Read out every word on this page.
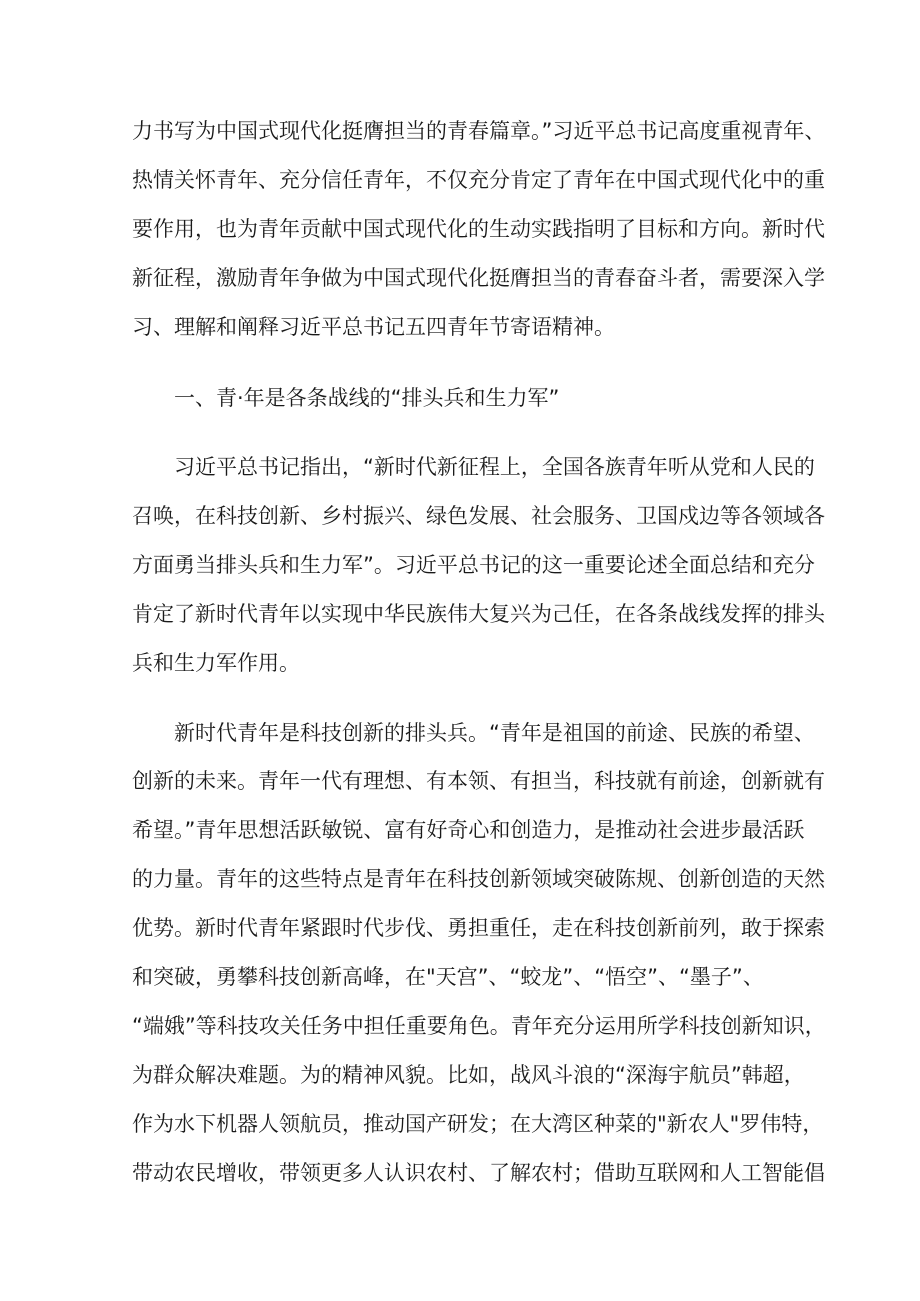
力书写为中国式现代化挺膺担当的青春篇章。”习近平总书记高度重视青年、

热情关怀青年、充分信任青年，不仅充分肯定了青年在中国式现代化中的重

要作用，也为青年贡献中国式现代化的生动实践指明了目标和方向。新时代

新征程，激励青年争做为中国式现代化挺膺担当的青春奋斗者，需要深入学

习、理解和阐释习近平总书记五四青年节寄语精神。

一、青·年是各条战线的“排头兵和生力军”

习近平总书记指出，“新时代新征程上，全国各族青年听从党和人民的

召唤，在科技创新、乡村振兴、绿色发展、社会服务、卫国戍边等各领域各

方面勇当排头兵和生力军”。习近平总书记的这一重要论述全面总结和充分

肯定了新时代青年以实现中华民族伟大复兴为己任，在各条战线发挥的排头

兵和生力军作用。

新时代青年是科技创新的排头兵。“青年是祖国的前途、民族的希望、

创新的未来。青年一代有理想、有本领、有担当，科技就有前途，创新就有

希望。”青年思想活跃敏锐、富有好奇心和创造力，是推动社会进步最活跃

的力量。青年的这些特点是青年在科技创新领域突破陈规、创新创造的天然

优势。新时代青年紧跟时代步伐、勇担重任，走在科技创新前列，敢于探索

和突破，勇攀科技创新高峰，在"天宫”、“蛟龙”、“悟空”、“墨子”、

“端娥”等科技攻关任务中担任重要角色。青年充分运用所学科技创新知识，

为群众解决难题。为的精神风貌。比如，战风斗浪的“深海宇航员”韩超，

作为水下机器人领航员，推动国产研发；在大湾区种菜的"新农人"罗伟特，

带动农民增收，带领更多人认识农村、了解农村；借助互联网和人工智能倡
